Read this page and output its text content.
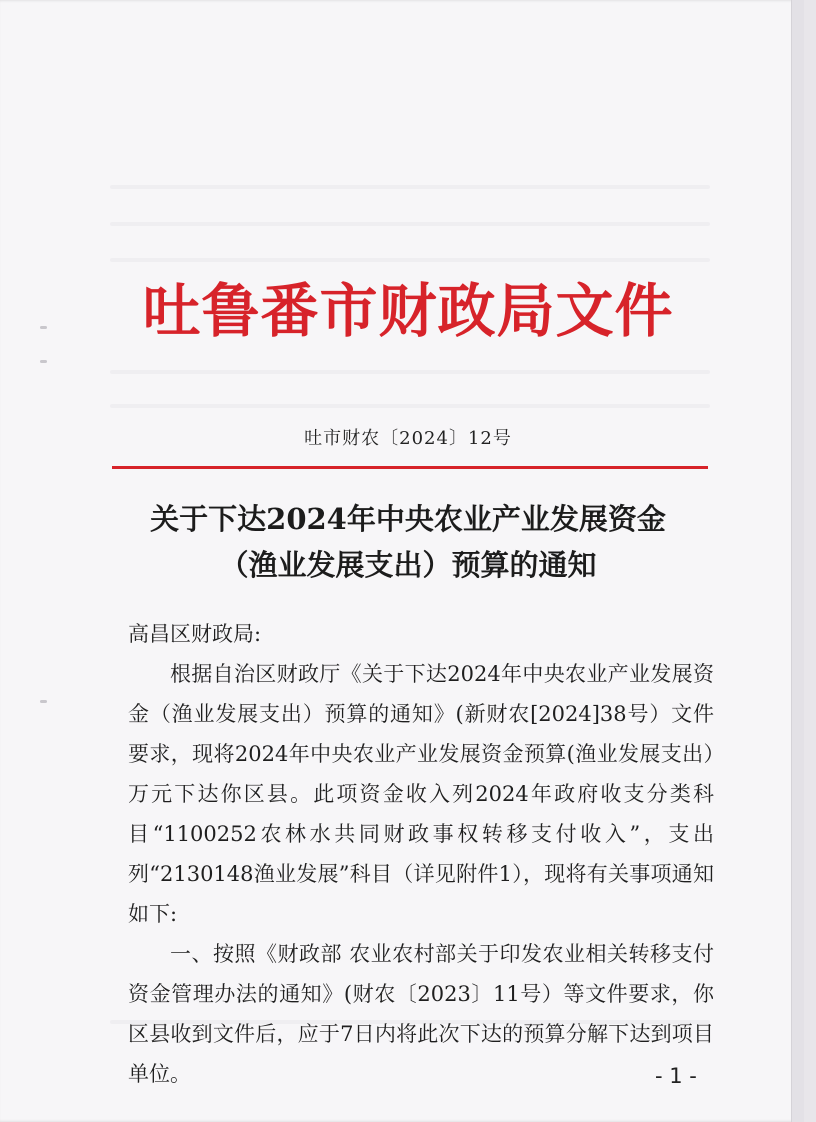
吐鲁番市财政局文件
吐市财农〔2024〕12号
关于下达2024年中央农业产业发展资金
（渔业发展支出）预算的通知

高昌区财政局:

根据自治区财政厅《关于下达2024年中央农业产业发展资金（渔业发展支出）预算的通知》(新财农[2024]38号）文件要求，现将2024年中央农业产业发展资金预算(渔业发展支出）万元下达你区县。此项资金收入列2024年政府收支分类科目“1100252农林水共同财政事权转移支付收入”，支出列“2130148渔业发展”科目（详见附件1），现将有关事项通知如下:

一、按照《财政部 农业农村部关于印发农业相关转移支付资金管理办法的通知》(财农〔2023〕11号）等文件要求，你区县收到文件后，应于7日内将此次下达的预算分解下达到项目单位。	- 1 -
